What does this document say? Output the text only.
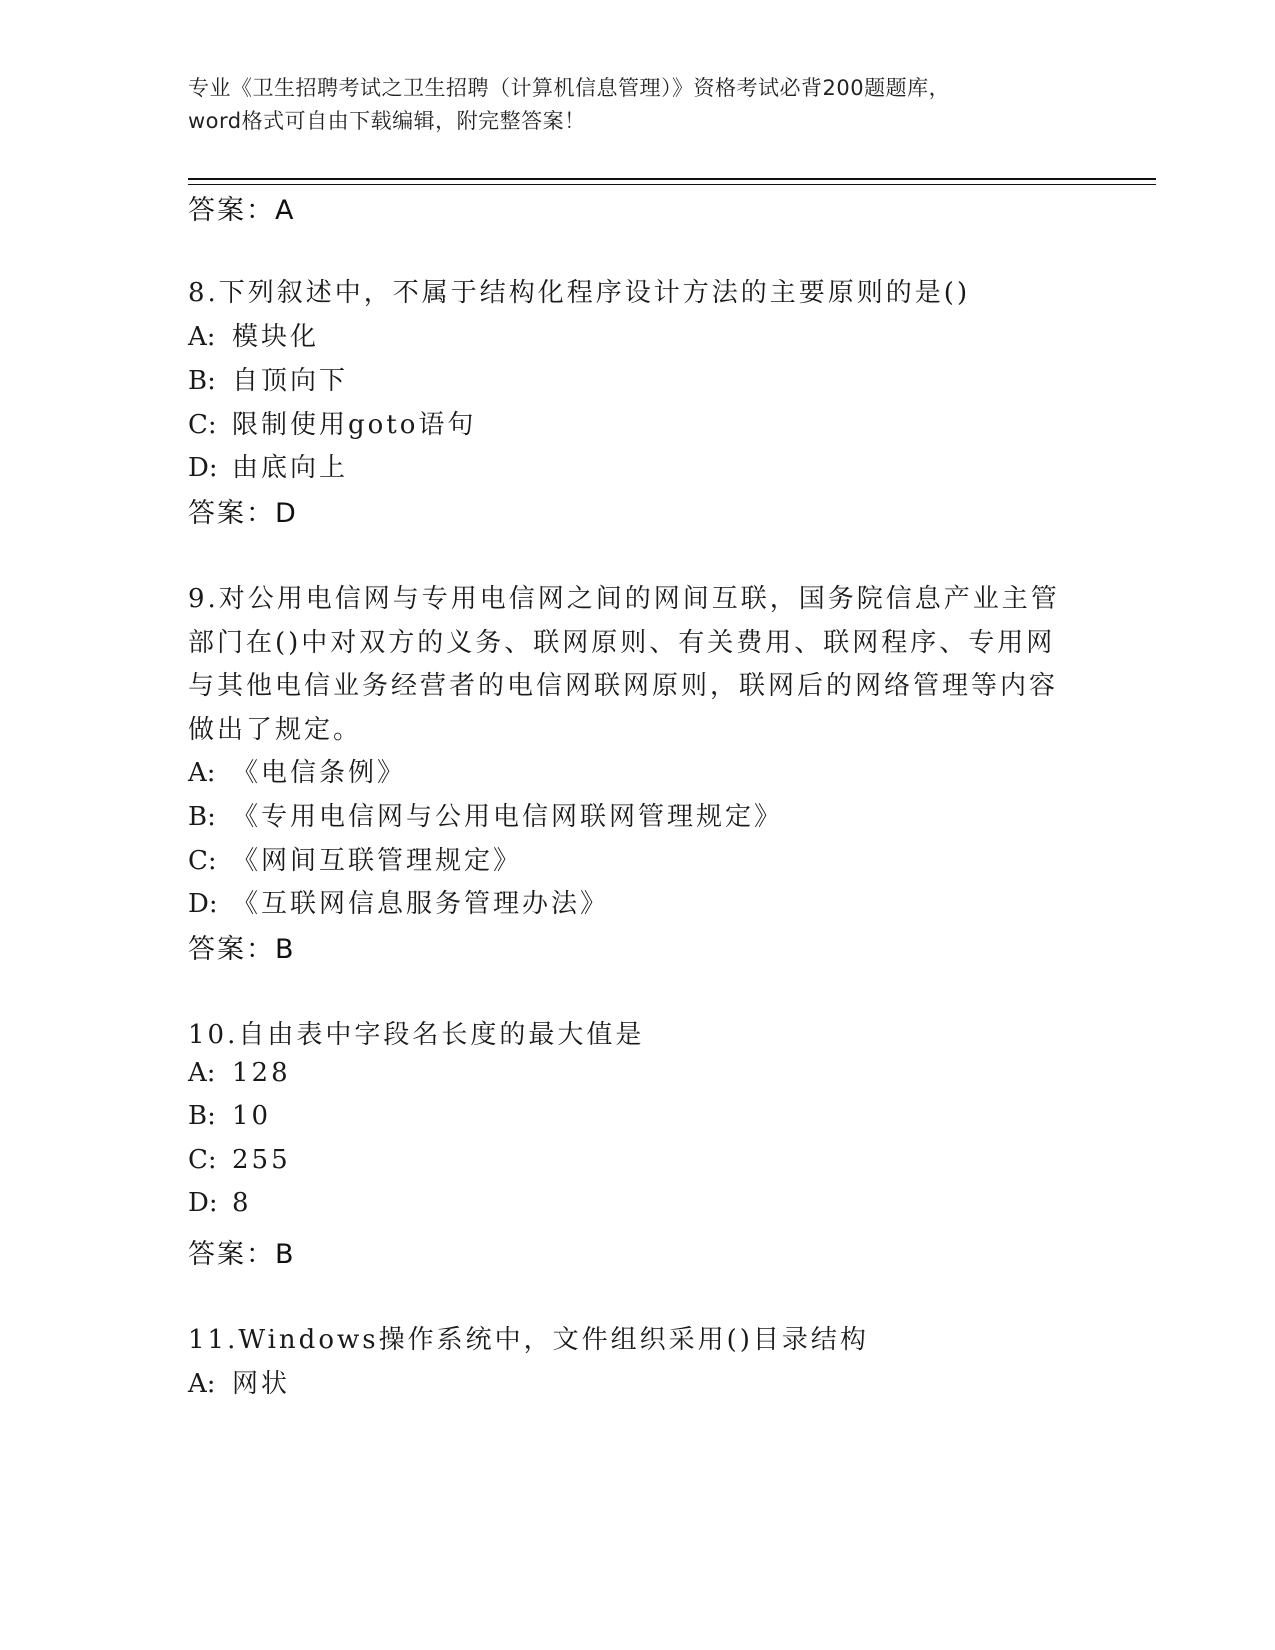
专业《卫生招聘考试之卫生招聘（计算机信息管理）》资格考试必背200题题库，
word格式可自由下载编辑，附完整答案！
答案：A
8.下列叙述中，不属于结构化程序设计方法的主要原则的是()
A: 模块化
B: 自顶向下
C: 限制使用goto语句
D: 由底向上
答案：D
9.对公用电信网与专用电信网之间的网间互联，国务院信息产业主管
部门在()中对双方的义务、联网原则、有关费用、联网程序、专用网
与其他电信业务经营者的电信网联网原则，联网后的网络管理等内容
做出了规定。
A: 《电信条例》
B: 《专用电信网与公用电信网联网管理规定》
C: 《网间互联管理规定》
D: 《互联网信息服务管理办法》
答案：B
10.自由表中字段名长度的最大值是
A: 128
B: 10
C: 255
D: 8
答案：B
11.Windows操作系统中，文件组织采用()目录结构
A: 网状
